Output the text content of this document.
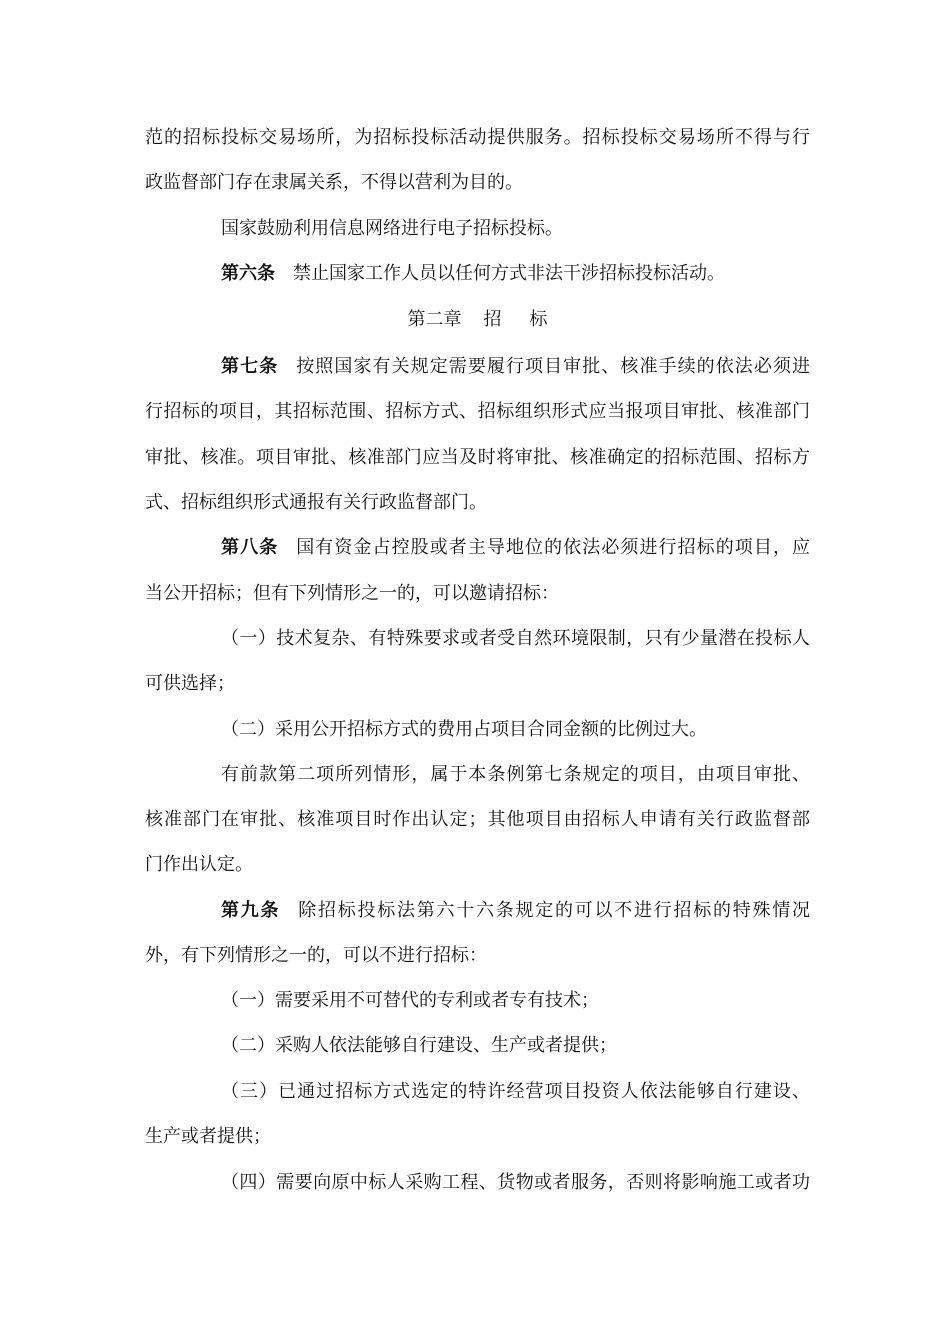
范的招标投标交易场所，为招标投标活动提供服务。招标投标交易场所不得与行
政监督部门存在隶属关系，不得以营利为目的。
国家鼓励利用信息网络进行电子招标投标。
第六条 禁止国家工作人员以任何方式非法干涉招标投标活动。
第二章 招 标
第七条 按照国家有关规定需要履行项目审批、核准手续的依法必须进
行招标的项目，其招标范围、招标方式、招标组织形式应当报项目审批、核准部门
审批、核准。项目审批、核准部门应当及时将审批、核准确定的招标范围、招标方
式、招标组织形式通报有关行政监督部门。
第八条 国有资金占控股或者主导地位的依法必须进行招标的项目，应
当公开招标；但有下列情形之一的，可以邀请招标：
（一）技术复杂、有特殊要求或者受自然环境限制，只有少量潜在投标人
可供选择；
（二）采用公开招标方式的费用占项目合同金额的比例过大。
有前款第二项所列情形，属于本条例第七条规定的项目，由项目审批、
核准部门在审批、核准项目时作出认定；其他项目由招标人申请有关行政监督部
门作出认定。
第九条 除招标投标法第六十六条规定的可以不进行招标的特殊情况
外，有下列情形之一的，可以不进行招标：
（一）需要采用不可替代的专利或者专有技术；
（二）采购人依法能够自行建设、生产或者提供；
（三）已通过招标方式选定的特许经营项目投资人依法能够自行建设、
生产或者提供；
（四）需要向原中标人采购工程、货物或者服务，否则将影响施工或者功
